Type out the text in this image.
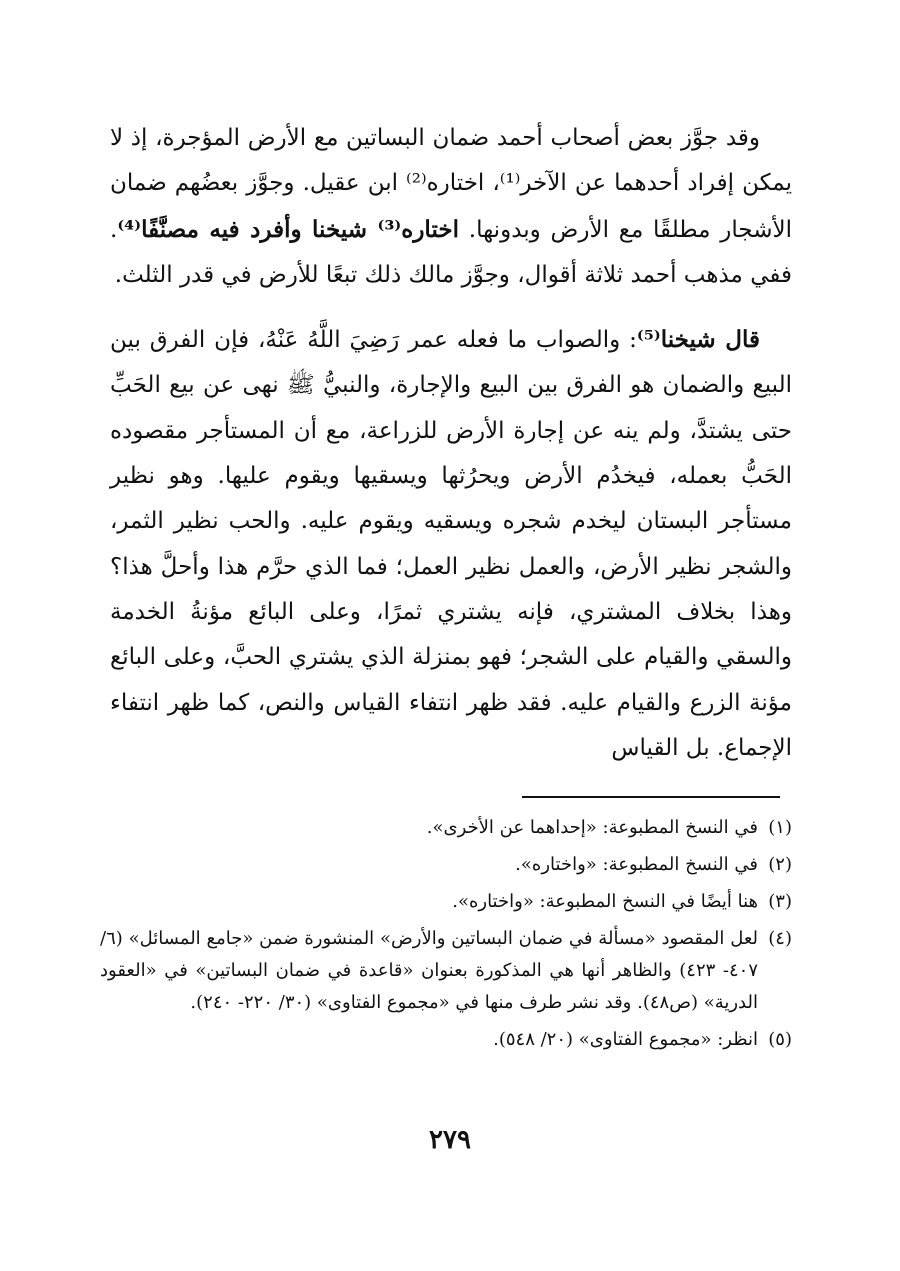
وقد جوَّز بعض أصحاب أحمد ضمان البساتين مع الأرض المؤجرة، إذ لا يمكن إفراد أحدهما عن الآخر⁽¹⁾، اختاره⁽²⁾ ابن عقيل. وجوَّز بعضُهم ضمان الأشجار مطلقًا مع الأرض وبدونها. اختاره⁽³⁾ شيخنا وأفرد فيه مصنَّفًا⁽⁴⁾. ففي مذهب أحمد ثلاثة أقوال، وجوَّز مالك ذلك تبعًا للأرض في قدر الثلث.

قال شيخنا⁽⁵⁾: والصواب ما فعله عمر رَضِيَ اللَّهُ عَنْهُ، فإن الفرق بين البيع والضمان هو الفرق بين البيع والإجارة، والنبيُّ ﷺ نهى عن بيع الحَبِّ حتى يشتدَّ، ولم ينه عن إجارة الأرض للزراعة، مع أن المستأجر مقصوده الحَبُّ بعمله، فيخدُم الأرض ويحرُثها ويسقيها ويقوم عليها. وهو نظير مستأجر البستان ليخدم شجره ويسقيه ويقوم عليه. والحب نظير الثمر، والشجر نظير الأرض، والعمل نظير العمل؛ فما الذي حرَّم هذا وأحلَّ هذا؟ وهذا بخلاف المشتري، فإنه يشتري ثمرًا، وعلى البائع مؤنةُ الخدمة والسقي والقيام على الشجر؛ فهو بمنزلة الذي يشتري الحبَّ، وعلى البائع مؤنة الزرع والقيام عليه. فقد ظهر انتفاء القياس والنص، كما ظهر انتفاء الإجماع. بل القياس

(١)
في النسخ المطبوعة: «إحداهما عن الأخرى».
(٢)
في النسخ المطبوعة: «واختاره».
(٣)
هنا أيضًا في النسخ المطبوعة: «واختاره».
(٤)
لعل المقصود «مسألة في ضمان البساتين والأرض» المنشورة ضمن «جامع المسائل» (٦/ ٤٠٧- ٤٢٣) والظاهر أنها هي المذكورة بعنوان «قاعدة في ضمان البساتين» في «العقود الدرية» (ص٤٨). وقد نشر طرف منها في «مجموع الفتاوى» (٣٠/ ٢٢٠- ٢٤٠).
(٥)
انظر: «مجموع الفتاوى» (٢٠/ ٥٤٨).
٢٧٩
